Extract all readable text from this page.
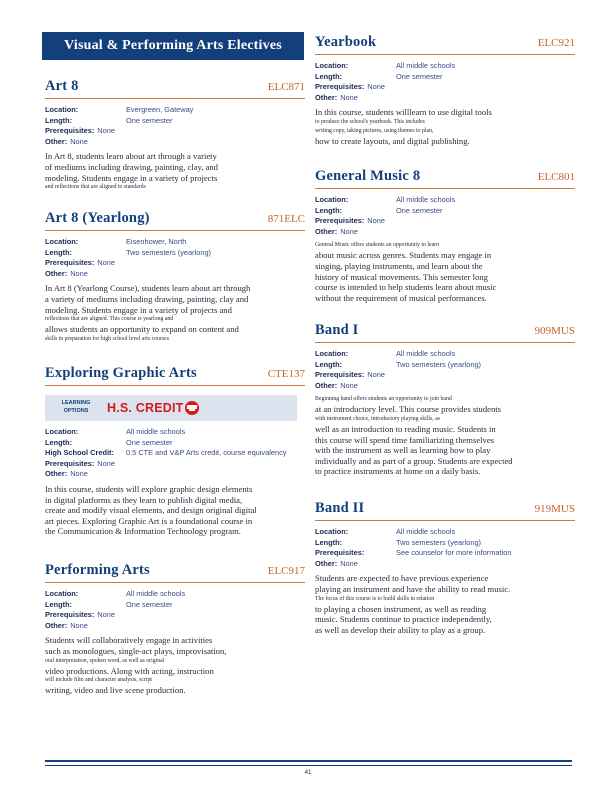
Visual & Performing Arts Electives
Art 8	ELC871
Location:	Evergreen, Gateway
Length:	One semester
Prerequisites: None
Other: None
In Art 8, students learn about art through a variety
of mediums including drawing, painting, clay, and
modeling. Students engage in a variety of projects
and reflections that are aligned to standards
Art 8 (Yearlong)	871ELC
Location:	Eisenhower, North
Length:	Two semesters (yearlong)
Prerequisites: None
Other: None
In Art 8 (Yearlong Course), students learn about art through
a variety of mediums including drawing, painting, clay and
modeling. Students engage in a variety of projects and
reflections that are aligned. This course is yearlong and
allows students an opportunity to expand on content and
skills in preparation for high school level arts courses
Exploring Graphic Arts	CTE137
LEARNING OPTIONS	H.S. CREDIT
Location:	All middle schools
Length:	One semester
High School Credit:	0.5 CTE and V&P Arts credit, course equivalency
Prerequisites: None
Other: None
In this course, students will explore graphic design elements
in digital platforms as they learn to publish digital media,
create and modify visual elements, and design original digital
art pieces. Exploring Graphic Art is a foundational course in
the Communication & Information Technology program.
Performing Arts	ELC917
Location:	All middle schools
Length:	One semester
Prerequisites: None
Other: None
Students will collaboratively engage in activities
such as monologues, single-act plays, improvisation,
oral interpretation, spoken word, as well as original
video productions. Along with acting, instruction
will include film and character analysis, script
writing, video and live scene production.
Yearbook	ELC921
Location:	All middle schools
Length:	One semester
Prerequisites: None
Other: None
In this course, students willlearn to use digital tools
to produce the school's yearbook. This includes
writing copy, taking pictures, using themes to plan,
how to create layouts, and digital publishing.
General Music 8	ELC801
Location:	All middle schools
Length:	One semester
Prerequisites: None
Other: None
General Music offers students an opportunity to learn
about music across genres. Students may engage in
singing, playing instruments, and learn about the
history of musical movements. This semester long
course is intended to help students learn about music
without the requirement of musical performances.
Band I	909MUS
Location:	All middle schools
Length:	Two semesters (yearlong)
Prerequisites: None
Other: None
Beginning band offers students an opportunity to join band
at an introductory level. This course provides students
with instrument choice, introductory playing skills, as
well as an introduction to reading music. Students in
this course will spend time familiarizing themselves
with the instrument as well as learning how to play
individually and as part of a group. Students are expected
to practice instruments at home on a daily basis.
Band II	919MUS
Location:	All middle schools
Length:	Two semesters (yearlong)
Prerequisites:	See counselor for more information
Other: None
Students are expected to have previous experience
playing an instrument and have the ability to read music.
The focus of this course is to build skills in relation
to playing a chosen instrument, as well as reading
music. Students continue to practice independently,
as well as develop their ability to play as a group.
41
